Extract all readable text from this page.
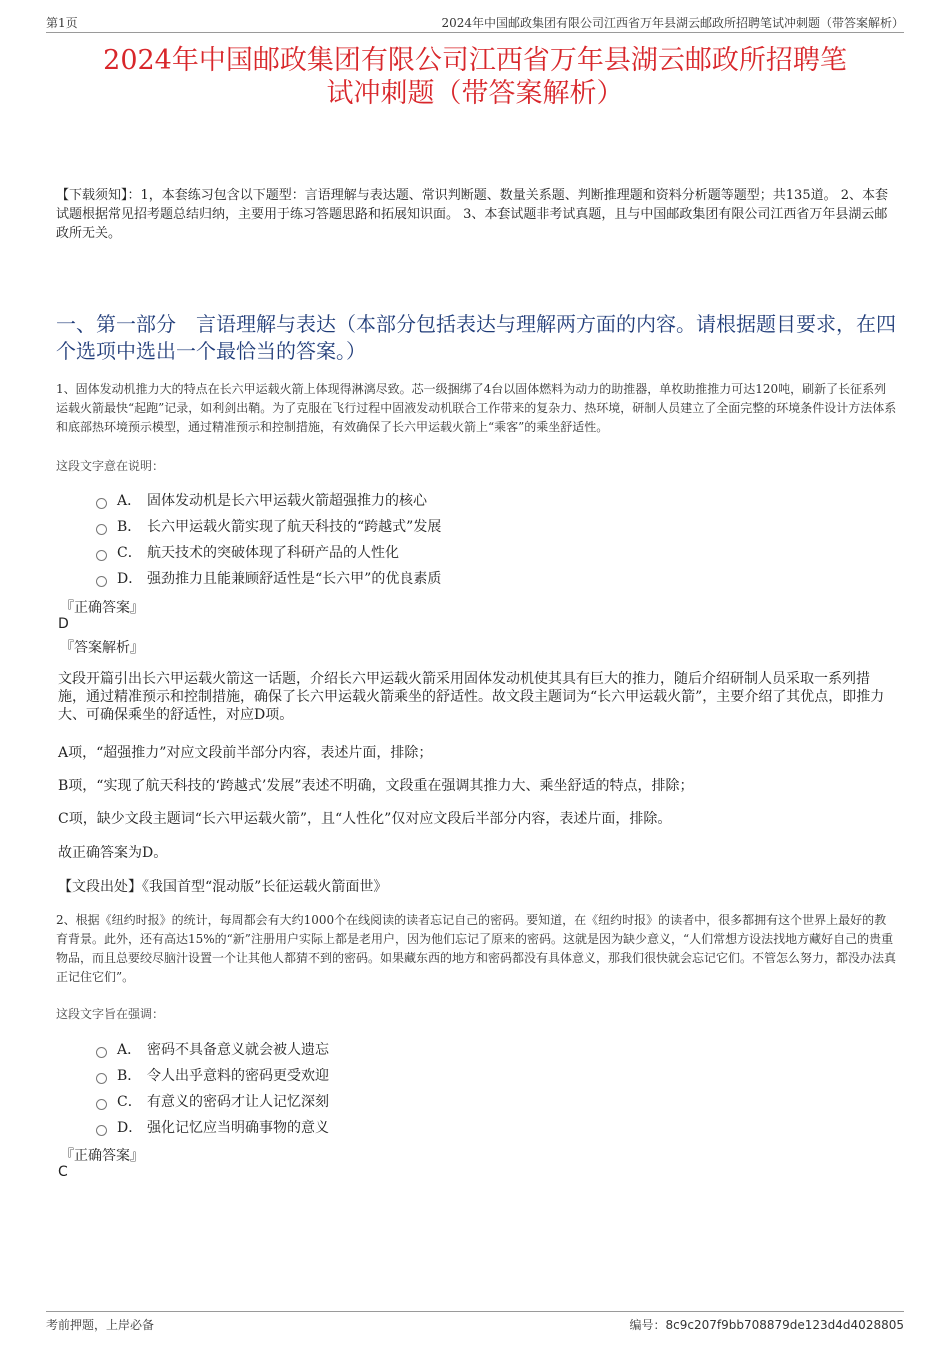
第1页	2024年中国邮政集团有限公司江西省万年县湖云邮政所招聘笔试冲刺题（带答案解析）
2024年中国邮政集团有限公司江西省万年县湖云邮政所招聘笔
试冲刺题（带答案解析）

【下载须知】：1，本套练习包含以下题型：言语理解与表达题、常识判断题、数量关系题、判断推理题和资料分析题等题型；共135道。 2、本套试题根据常见招考题总结归纳，主要用于练习答题思路和拓展知识面。 3、本套试题非考试真题，且与中国邮政集团有限公司江西省万年县湖云邮政所无关。

一、第一部分 言语理解与表达（本部分包括表达与理解两方面的内容。请根据题目要求，在四个选项中选出一个最恰当的答案。）

1、固体发动机推力大的特点在长六甲运载火箭上体现得淋漓尽致。芯一级捆绑了4台以固体燃料为动力的助推器，单枚助推推力可达120吨，刷新了长征系列运载火箭最快“起跑”记录，如利剑出鞘。为了克服在飞行过程中固液发动机联合工作带来的复杂力、热环境，研制人员建立了全面完整的环境条件设计方法体系和底部热环境预示模型，通过精准预示和控制措施，有效确保了长六甲运载火箭上“乘客”的乘坐舒适性。

这段文字意在说明：

A． 固体发动机是长六甲运载火箭超强推力的核心
B． 长六甲运载火箭实现了航天科技的“跨越式”发展
C． 航天技术的突破体现了科研产品的人性化
D． 强劲推力且能兼顾舒适性是“长六甲”的优良素质
『正确答案』
D
『答案解析』

文段开篇引出长六甲运载火箭这一话题，介绍长六甲运载火箭采用固体发动机使其具有巨大的推力，随后介绍研制人员采取一系列措施，通过精准预示和控制措施，确保了长六甲运载火箭乘坐的舒适性。故文段主题词为“长六甲运载火箭”，主要介绍了其优点，即推力大、可确保乘坐的舒适性，对应D项。

A项，“超强推力”对应文段前半部分内容，表述片面，排除；

B项，“实现了航天科技的‘跨越式’发展”表述不明确，文段重在强调其推力大、乘坐舒适的特点，排除；

C项，缺少文段主题词“长六甲运载火箭”，且“人性化”仅对应文段后半部分内容，表述片面，排除。

故正确答案为D。

【文段出处】《我国首型“混动版”长征运载火箭面世》

2、根据《纽约时报》的统计，每周都会有大约1000个在线阅读的读者忘记自己的密码。要知道，在《纽约时报》的读者中，很多都拥有这个世界上最好的教育背景。此外，还有高达15%的“新”注册用户实际上都是老用户，因为他们忘记了原来的密码。这就是因为缺少意义，“人们常想方设法找地方藏好自己的贵重物品，而且总要绞尽脑汁设置一个让其他人都猜不到的密码。如果藏东西的地方和密码都没有具体意义，那我们很快就会忘记它们。不管怎么努力，都没办法真正记住它们”。

这段文字旨在强调：

A． 密码不具备意义就会被人遗忘
B． 令人出乎意料的密码更受欢迎
C． 有意义的密码才让人记忆深刻
D． 强化记忆应当明确事物的意义
『正确答案』
C
考前押题，上岸必备	编号：8c9c207f9bb708879de123d4d4028805
